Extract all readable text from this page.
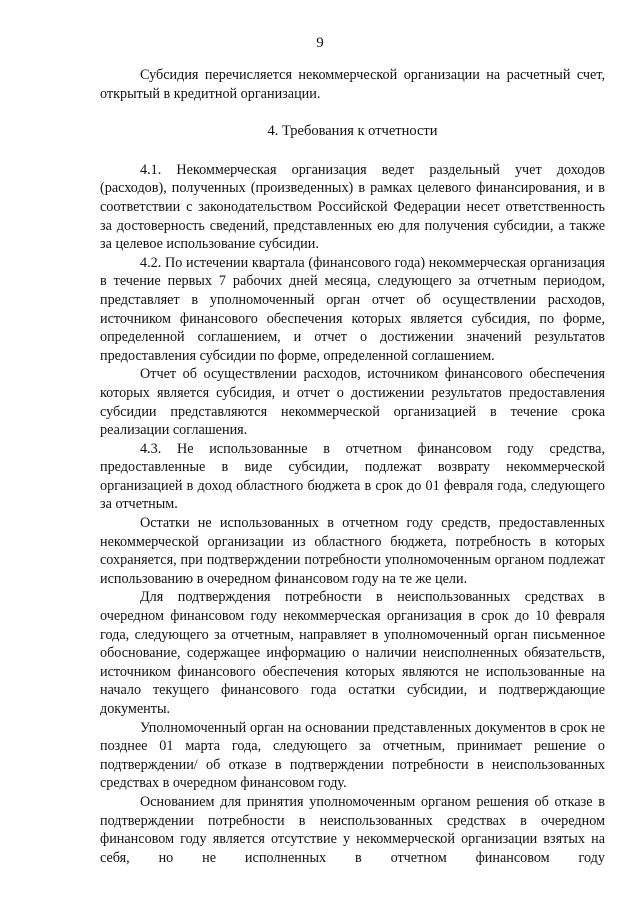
9

Субсидия перечисляется некоммерческой организации на расчетный счет, открытый в кредитной организации.

4. Требования к отчетности

4.1. Некоммерческая организация ведет раздельный учет доходов (расходов), полученных (произведенных) в рамках целевого финансирования, и в соответствии с законодательством Российской Федерации несет ответственность за достоверность сведений, представленных ею для получения субсидии, а также за целевое использование субсидии.

4.2. По истечении квартала (финансового года) некоммерческая организация в течение первых 7 рабочих дней месяца, следующего за отчетным периодом, представляет в уполномоченный орган отчет об осуществлении расходов, источником финансового обеспечения которых является субсидия, по форме, определенной соглашением, и отчет о достижении значений результатов предоставления субсидии по форме, определенной соглашением.

Отчет об осуществлении расходов, источником финансового обеспечения которых является субсидия, и отчет о достижении результатов предоставления субсидии представляются некоммерческой организацией в течение срока реализации соглашения.

4.3. Не использованные в отчетном финансовом году средства, предоставленные в виде субсидии, подлежат возврату некоммерческой организацией в доход областного бюджета в срок до 01 февраля года, следующего за отчетным.

Остатки не использованных в отчетном году средств, предоставленных некоммерческой организации из областного бюджета, потребность в которых сохраняется, при подтверждении потребности уполномоченным органом подлежат использованию в очередном финансовом году на те же цели.

Для подтверждения потребности в неиспользованных средствах в очередном финансовом году некоммерческая организация в срок до 10 февраля года, следующего за отчетным, направляет в уполномоченный орган письменное обоснование, содержащее информацию о наличии неисполненных обязательств, источником финансового обеспечения которых являются не использованные на начало текущего финансового года остатки субсидии, и подтверждающие документы.

Уполномоченный орган на основании представленных документов в срок не позднее 01 марта года, следующего за отчетным, принимает решение о подтверждении/ об отказе в подтверждении потребности в неиспользованных средствах в очередном финансовом году.

Основанием для принятия уполномоченным органом решения об отказе в подтверждении потребности в неиспользованных средствах в очередном финансовом году является отсутствие у некоммерческой организации взятых на себя, но не исполненных в отчетном финансовом году
